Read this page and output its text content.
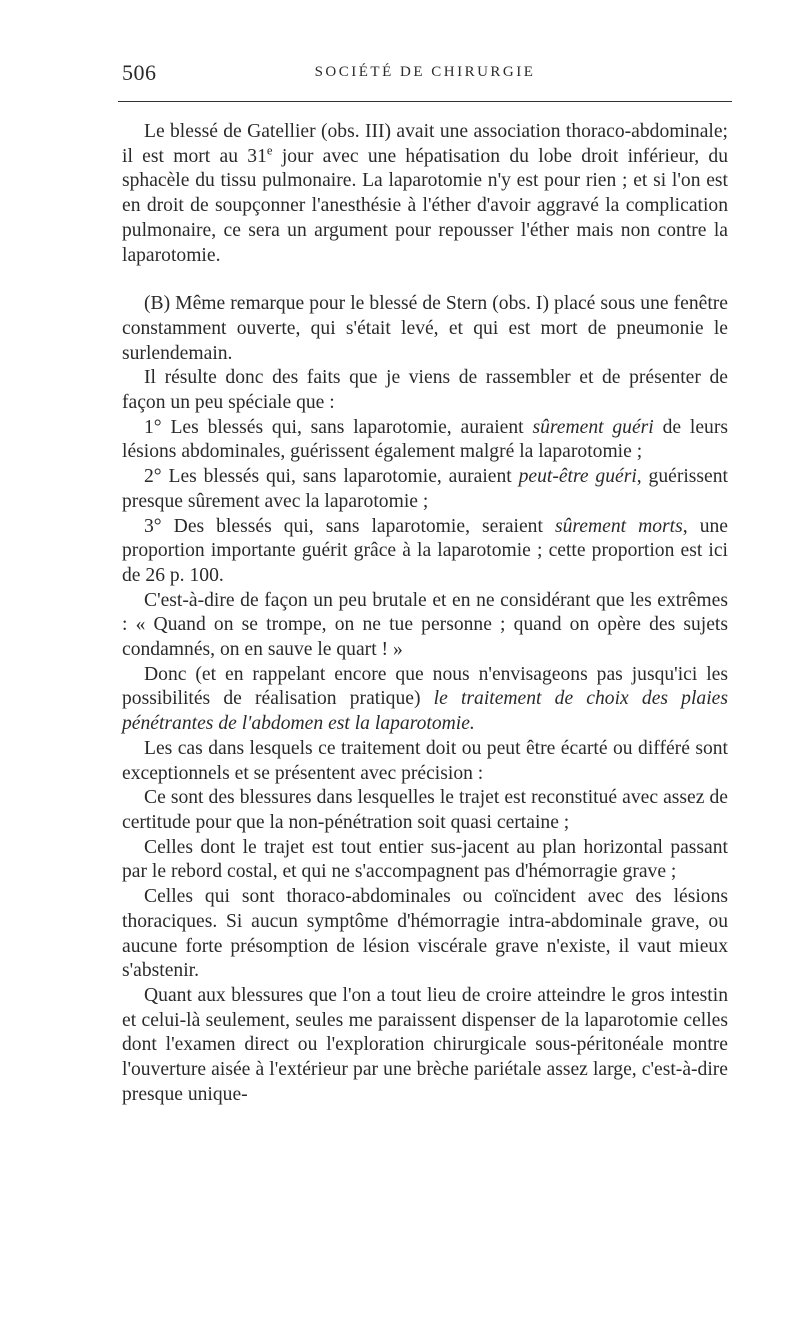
506	SOCIÉTÉ DE CHIRURGIE

Le blessé de Gatellier (obs. III) avait une association thoraco-abdominale; il est mort au 31e jour avec une hépatisation du lobe droit inférieur, du sphacèle du tissu pulmonaire. La laparotomie n'y est pour rien ; et si l'on est en droit de soupçonner l'anesthésie à l'éther d'avoir aggravé la complication pulmonaire, ce sera un argument pour repousser l'éther mais non contre la laparotomie.

(B) Même remarque pour le blessé de Stern (obs. I) placé sous une fenêtre constamment ouverte, qui s'était levé, et qui est mort de pneumonie le surlendemain.

Il résulte donc des faits que je viens de rassembler et de présenter de façon un peu spéciale que :

1° Les blessés qui, sans laparotomie, auraient sûrement guéri de leurs lésions abdominales, guérissent également malgré la laparotomie ;

2° Les blessés qui, sans laparotomie, auraient peut-être guéri, guérissent presque sûrement avec la laparotomie ;

3° Des blessés qui, sans laparotomie, seraient sûrement morts, une proportion importante guérit grâce à la laparotomie ; cette proportion est ici de 26 p. 100.

C'est-à-dire de façon un peu brutale et en ne considérant que les extrêmes : « Quand on se trompe, on ne tue personne ; quand on opère des sujets condamnés, on en sauve le quart ! »

Donc (et en rappelant encore que nous n'envisageons pas jusqu'ici les possibilités de réalisation pratique) le traitement de choix des plaies pénétrantes de l'abdomen est la laparotomie.

Les cas dans lesquels ce traitement doit ou peut être écarté ou différé sont exceptionnels et se présentent avec précision :

Ce sont des blessures dans lesquelles le trajet est reconstitué avec assez de certitude pour que la non-pénétration soit quasi certaine ;

Celles dont le trajet est tout entier sus-jacent au plan horizontal passant par le rebord costal, et qui ne s'accompagnent pas d'hémorragie grave ;

Celles qui sont thoraco-abdominales ou coïncident avec des lésions thoraciques. Si aucun symptôme d'hémorragie intra-abdominale grave, ou aucune forte présomption de lésion viscérale grave n'existe, il vaut mieux s'abstenir.

Quant aux blessures que l'on a tout lieu de croire atteindre le gros intestin et celui-là seulement, seules me paraissent dispenser de la laparotomie celles dont l'examen direct ou l'exploration chirurgicale sous-péritonéale montre l'ouverture aisée à l'extérieur par une brèche pariétale assez large, c'est-à-dire presque unique-
